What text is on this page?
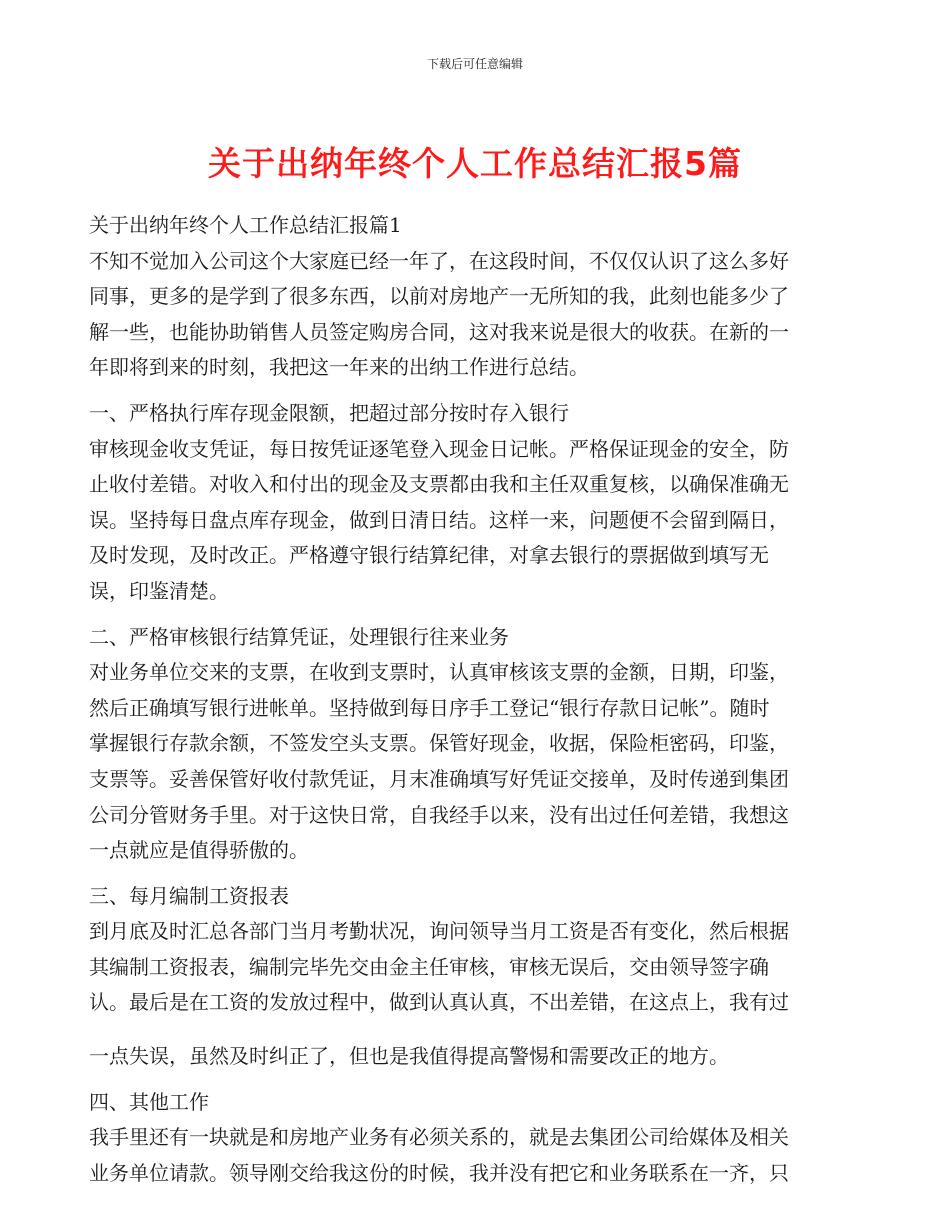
下载后可任意编辑
关于出纳年终个人工作总结汇报5篇
关于出纳年终个人工作总结汇报篇1
不知不觉加入公司这个大家庭已经一年了，在这段时间，不仅仅认识了这么多好
同事，更多的是学到了很多东西，以前对房地产一无所知的我，此刻也能多少了
解一些，也能协助销售人员签定购房合同，这对我来说是很大的收获。在新的一
年即将到来的时刻，我把这一年来的出纳工作进行总结。
一、严格执行库存现金限额，把超过部分按时存入银行
审核现金收支凭证，每日按凭证逐笔登入现金日记帐。严格保证现金的安全，防
止收付差错。对收入和付出的现金及支票都由我和主任双重复核，以确保准确无
误。坚持每日盘点库存现金，做到日清日结。这样一来，问题便不会留到隔日，
及时发现，及时改正。严格遵守银行结算纪律，对拿去银行的票据做到填写无
误，印鉴清楚。
二、严格审核银行结算凭证，处理银行往来业务
对业务单位交来的支票，在收到支票时，认真审核该支票的金额，日期，印鉴，
然后正确填写银行进帐单。坚持做到每日序手工登记“银行存款日记帐”。随时
掌握银行存款余额，不签发空头支票。保管好现金，收据，保险柜密码，印鉴，
支票等。妥善保管好收付款凭证，月末准确填写好凭证交接单，及时传递到集团
公司分管财务手里。对于这快日常，自我经手以来，没有出过任何差错，我想这
一点就应是值得骄傲的。
三、每月编制工资报表
到月底及时汇总各部门当月考勤状况，询问领导当月工资是否有变化，然后根据
其编制工资报表，编制完毕先交由金主任审核，审核无误后，交由领导签字确
认。最后是在工资的发放过程中，做到认真认真，不出差错，在这点上，我有过
一点失误，虽然及时纠正了，但也是我值得提高警惕和需要改正的地方。
四、其他工作
我手里还有一块就是和房地产业务有必须关系的，就是去集团公司给媒体及相关
业务单位请款。领导刚交给我这份的时候，我并没有把它和业务联系在一齐，只
